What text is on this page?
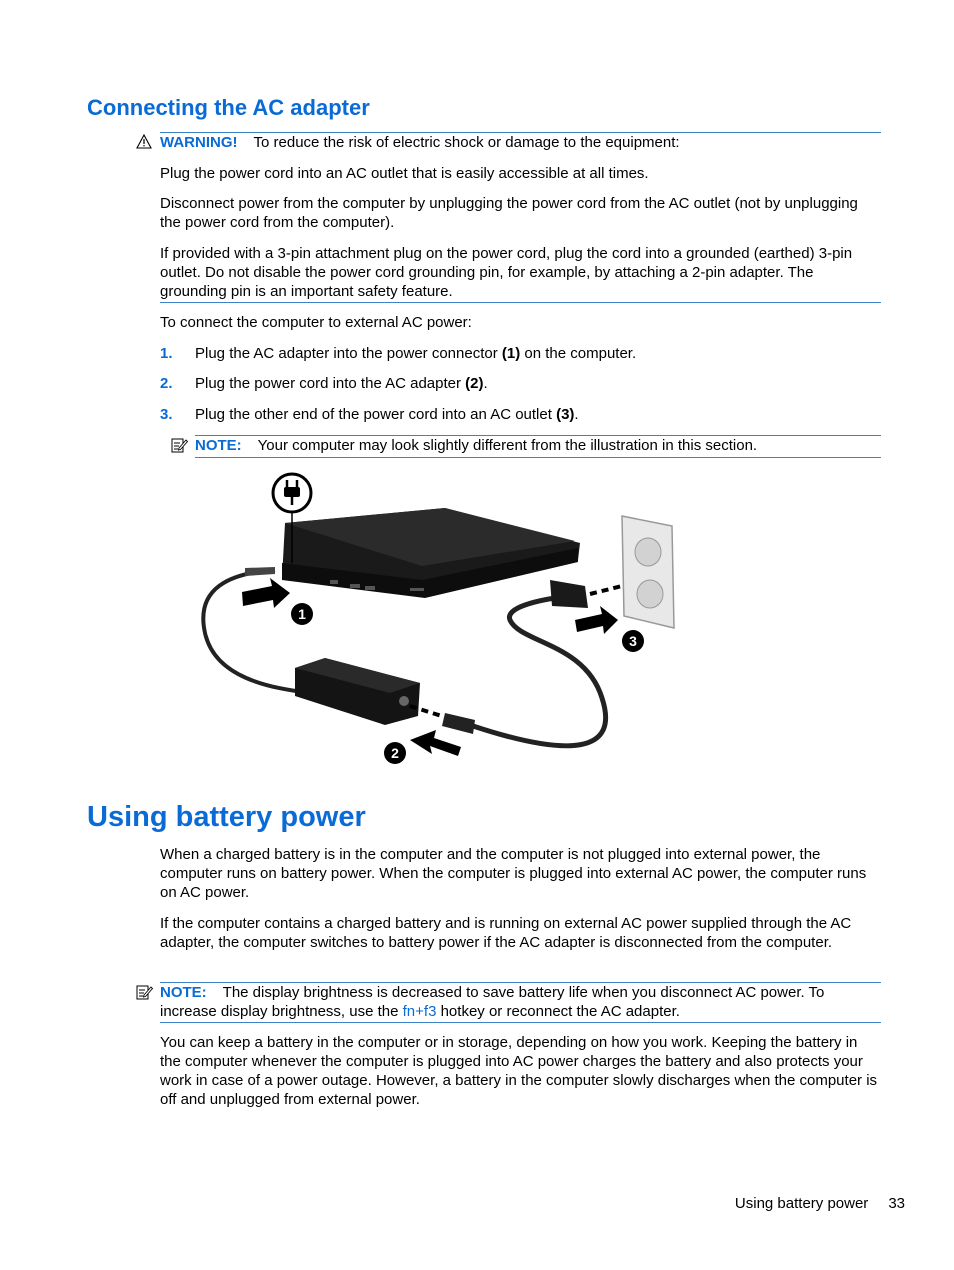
Connecting the AC adapter
WARNING! To reduce the risk of electric shock or damage to the equipment:
Plug the power cord into an AC outlet that is easily accessible at all times.
Disconnect power from the computer by unplugging the power cord from the AC outlet (not by unplugging the power cord from the computer).
If provided with a 3-pin attachment plug on the power cord, plug the cord into a grounded (earthed) 3-pin outlet. Do not disable the power cord grounding pin, for example, by attaching a 2-pin adapter. The grounding pin is an important safety feature.
To connect the computer to external AC power:
1. Plug the AC adapter into the power connector (1) on the computer.
2. Plug the power cord into the AC adapter (2).
3. Plug the other end of the power cord into an AC outlet (3).
NOTE: Your computer may look slightly different from the illustration in this section.
1
2
3
Using battery power
When a charged battery is in the computer and the computer is not plugged into external power, the computer runs on battery power. When the computer is plugged into external AC power, the computer runs on AC power.
If the computer contains a charged battery and is running on external AC power supplied through the AC adapter, the computer switches to battery power if the AC adapter is disconnected from the computer.
NOTE: The display brightness is decreased to save battery life when you disconnect AC power. To increase display brightness, use the fn+f3 hotkey or reconnect the AC adapter.
You can keep a battery in the computer or in storage, depending on how you work. Keeping the battery in the computer whenever the computer is plugged into AC power charges the battery and also protects your work in case of a power outage. However, a battery in the computer slowly discharges when the computer is off and unplugged from external power.
Using battery power 33
